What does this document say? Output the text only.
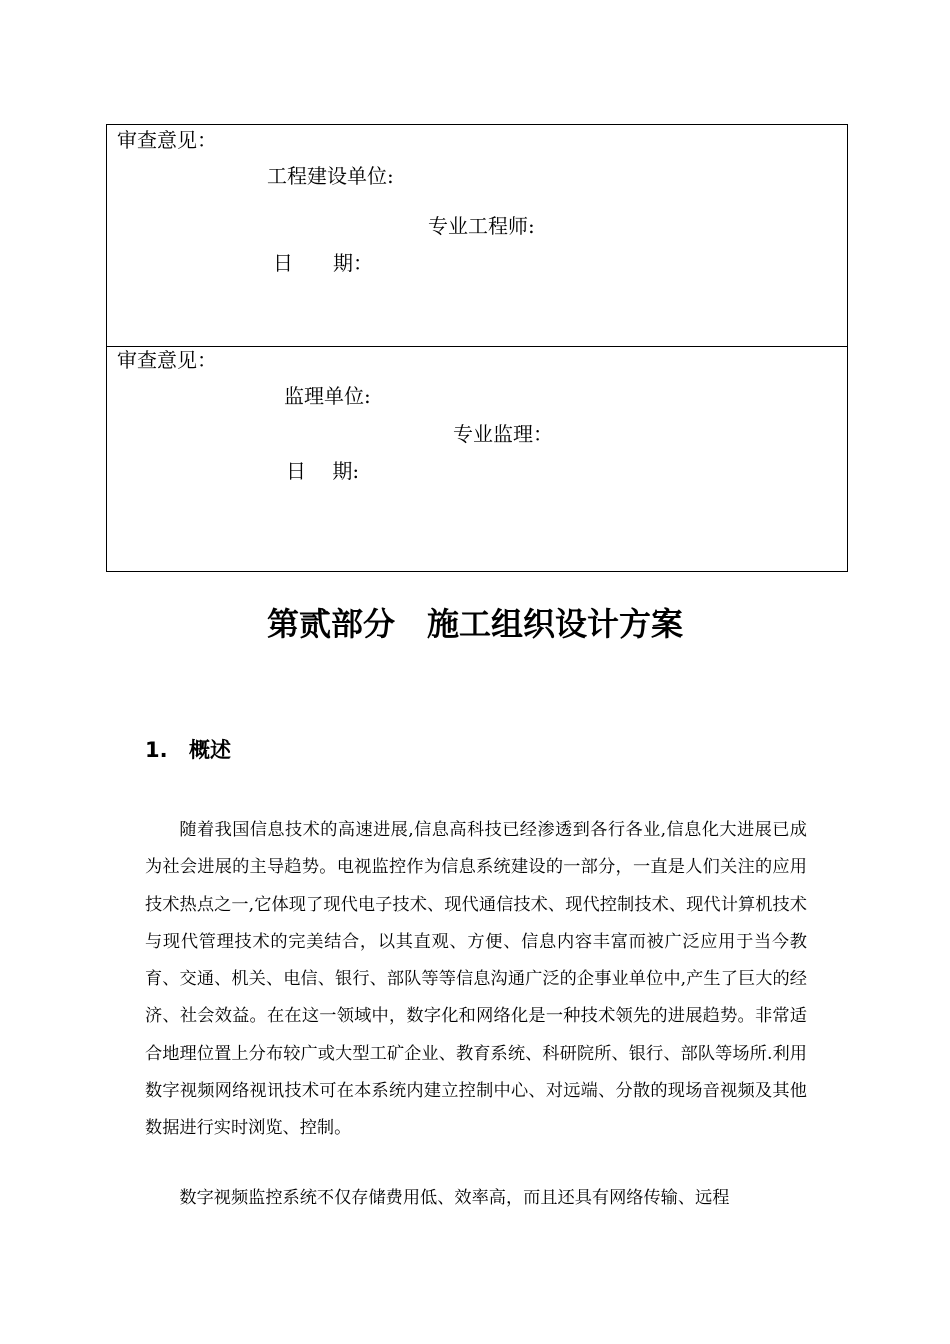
审查意见：
工程建设单位:
专业工程师:
日　　期：
审查意见：
监理单位:
专业监理：
日　 期:
第贰部分　施工组织设计方案
1. 概述

随着我国信息技术的高速进展,信息高科技已经渗透到各行各业,信息化大进展已成为社会进展的主导趋势。电视监控作为信息系统建设的一部分，一直是人们关注的应用技术热点之一,它体现了现代电子技术、现代通信技术、现代控制技术、现代计算机技术与现代管理技术的完美结合，以其直观、方便、信息内容丰富而被广泛应用于当今教育、交通、机关、电信、银行、部队等等信息沟通广泛的企事业单位中,产生了巨大的经济、社会效益。在在这一领域中，数字化和网络化是一种技术领先的进展趋势。非常适合地理位置上分布较广或大型工矿企业、教育系统、科研院所、银行、部队等场所.利用数字视频网络视讯技术可在本系统内建立控制中心、对远端、分散的现场音视频及其他数据进行实时浏览、控制。

数字视频监控系统不仅存储费用低、效率高，而且还具有网络传输、远程
